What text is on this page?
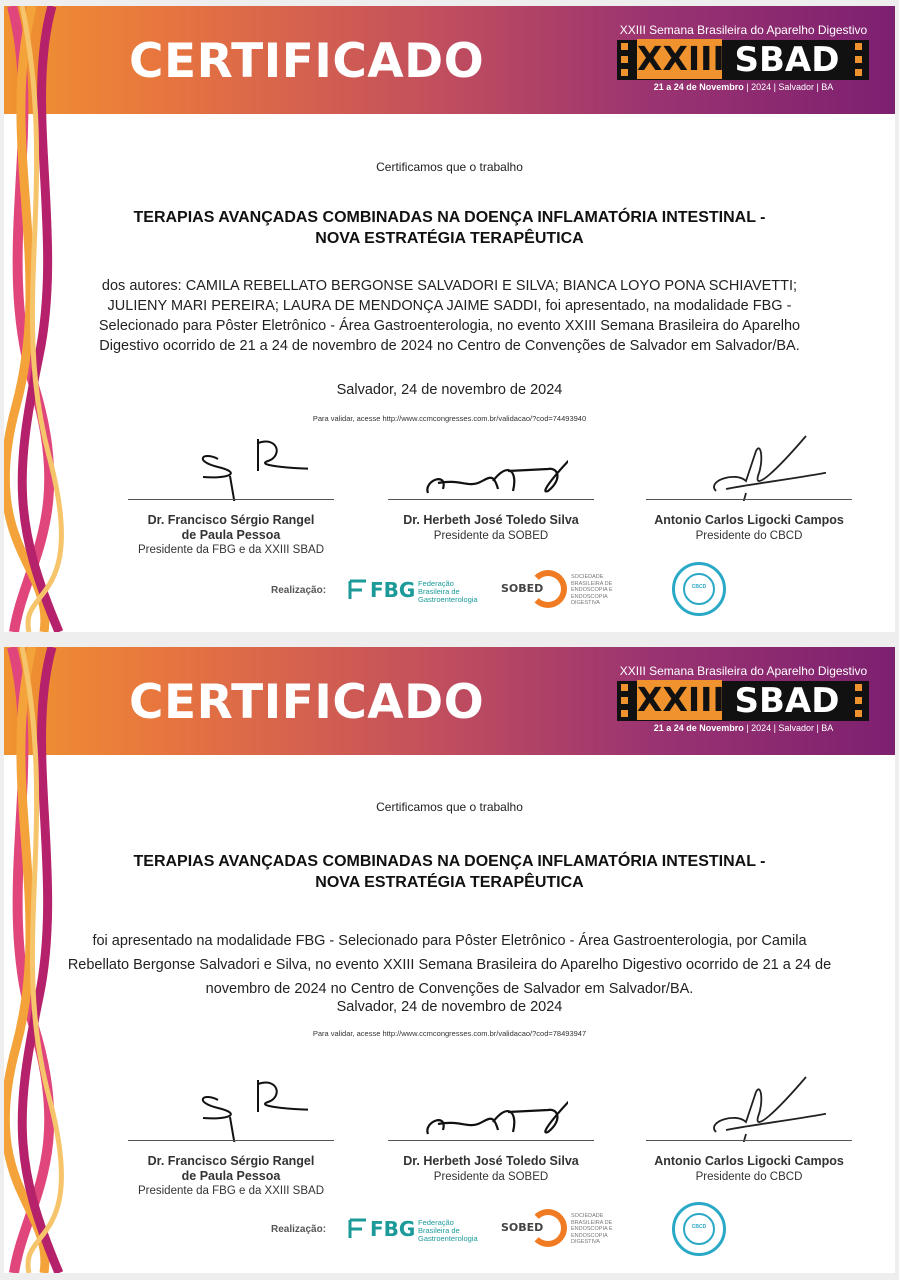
CERTIFICADO
XXIII Semana Brasileira do Aparelho Digestivo
XXIII SBAD
21 a 24 de Novembro | 2024 | Salvador | BA
Certificamos que o trabalho
TERAPIAS AVANÇADAS COMBINADAS NA DOENÇA INFLAMATÓRIA INTESTINAL -
NOVA ESTRATÉGIA TERAPÊUTICA
dos autores: CAMILA REBELLATO BERGONSE SALVADORI E SILVA; BIANCA LOYO PONA SCHIAVETTI; JULIENY MARI PEREIRA; LAURA DE MENDONÇA JAIME SADDI, foi apresentado, na modalidade FBG - Selecionado para Pôster Eletrônico - Área Gastroenterologia, no evento XXIII Semana Brasileira do Aparelho Digestivo ocorrido de 21 a 24 de novembro de 2024 no Centro de Convenções de Salvador em Salvador/BA.
Salvador, 24 de novembro de 2024
Para validar, acesse http://www.ccmcongresses.com.br/validacao/?cod=74493940
Dr. Francisco Sérgio Rangel
de Paula Pessoa
Presidente da FBG e da XXIII SBAD
Dr. Herbeth José Toledo Silva
Presidente da SOBED
Antonio Carlos Ligocki Campos
Presidente do CBCD
Realização: FBG Federação Brasileira de Gastroenterologia
SOBED
SOCIEDADE BRASILEIRA DE ENDOSCOPIA E ENDOSCOPIA DIGESTIVA
CBCD
CERTIFICADO
XXIII Semana Brasileira do Aparelho Digestivo
XXIII SBAD
21 a 24 de Novembro | 2024 | Salvador | BA
Certificamos que o trabalho
TERAPIAS AVANÇADAS COMBINADAS NA DOENÇA INFLAMATÓRIA INTESTINAL -
NOVA ESTRATÉGIA TERAPÊUTICA
foi apresentado na modalidade FBG - Selecionado para Pôster Eletrônico - Área Gastroenterologia, por Camila Rebellato Bergonse Salvadori e Silva, no evento XXIII Semana Brasileira do Aparelho Digestivo ocorrido de 21 a 24 de novembro de 2024 no Centro de Convenções de Salvador em Salvador/BA.
Salvador, 24 de novembro de 2024
Para validar, acesse http://www.ccmcongresses.com.br/validacao/?cod=78493947
Dr. Francisco Sérgio Rangel
de Paula Pessoa
Presidente da FBG e da XXIII SBAD
Dr. Herbeth José Toledo Silva
Presidente da SOBED
Antonio Carlos Ligocki Campos
Presidente do CBCD
Realização: FBG Federação Brasileira de Gastroenterologia
SOBED
SOCIEDADE BRASILEIRA DE ENDOSCOPIA E ENDOSCOPIA DIGESTIVA
CBCD
